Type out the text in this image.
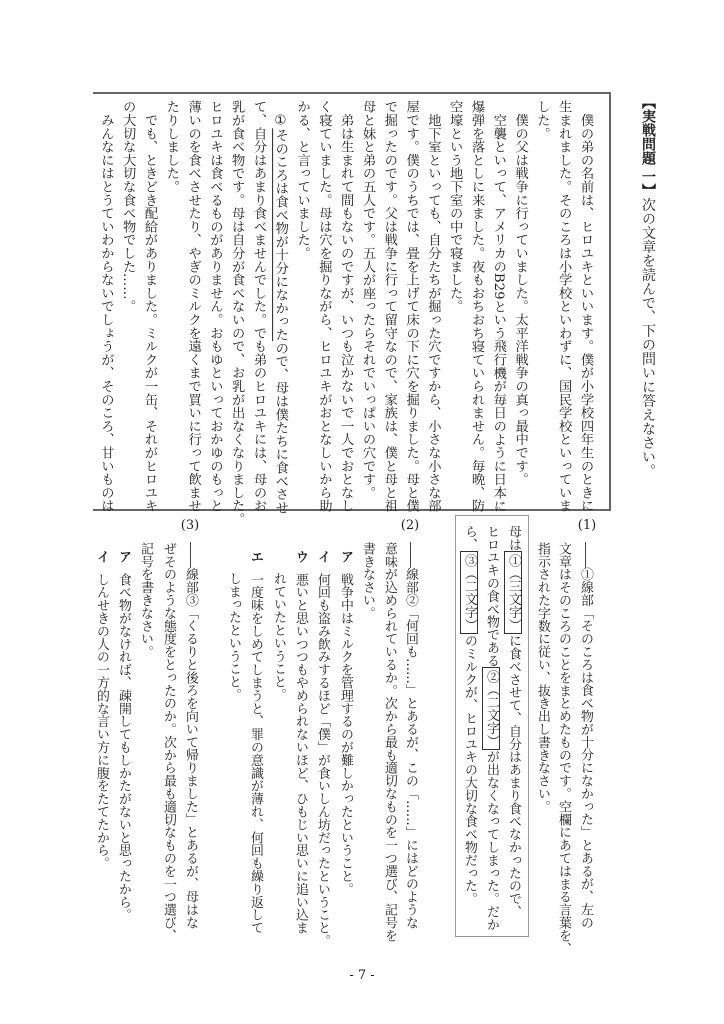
【実戦問題 一】次の文章を読んで、下の問いに答えなさい。
　僕の弟の名前は、ヒロユキといいます。僕が小学校四年生のときに
生まれました。そのころは小学校といわずに、国民学校といっていま
した。
　僕の父は戦争に行っていました。太平洋戦争の真っ最中です。
　空襲といって、アメリカのB29という飛行機が毎日のように日本に
爆弾を落としに来ました。夜もおちおち寝ていられません。毎晩、防
空壕という地下室の中で寝ました。
　地下室といっても、自分たちが掘った穴ですから、小さな小さな部
屋です。僕のうちでは、畳を上げて床の下に穴を掘りました。母と僕
で掘ったのです。父は戦争に行って留守なので、家族は、僕と母と祖
母と妹と弟の五人です。五人が座ったらそれでいっぱいの穴です。
　弟は生まれて間もないのですが、いつも泣かないで一人でおとなし
く寝ていました。母は穴を掘りながら、ヒロユキがおとなしいから助
かる、と言っていました。
　①そのころは食べ物が十分になかったので、母は僕たちに食べさせ
て、自分はあまり食べませんでした。でも弟のヒロユキには、母のお
乳が食べ物です。母は自分が食べないので、お乳が出なくなりました。
ヒロユキは食べるものがありません。おもゆといっておかゆのもっと
薄いのを食べさせたり、やぎのミルクを遠くまで買いに行って飲ませ
たりしました。
　でも、ときどき配給がありました。ミルクが一缶、それがヒロユキ
の大切な大切な食べ物でした……。
　みんなにはとうていわからないでしょうが、そのころ、甘いものは
(1)
(2)
(3)
――①線部「そのころは食べ物が十分になかった」とあるが、左の
文章はそのころのことをまとめたものです。空欄にあてはまる言葉を、
指示された字数に従い、抜き出し書きなさい。
母は①（三文字）に食べさせて、自分はあまり食べなかったので、
ヒロユキの食べ物である②（二文字）が出なくなってしまった。だか
ら、③（二文字）のミルクが、ヒロユキの大切な食べ物だった。
――線部②「何回も……」とあるが、この「……」にはどのような
意味が込められているか。次から最も適切なものを一つ選び、記号を
書きなさい。
――線部③「くるりと後ろを向いて帰りました」とあるが、母はな
ぜそのような態度をとったのか。次から最も適切なものを一つ選び、
記号を書きなさい。	ア戦争中はミルクを管理するのが難しかったということ。
イ何回も盗み飲みするほど「僕」が食いしん坊だったということ。
ウ悪いと思いつつもやめられないほど、ひもじい思いに追い込ま
れていたということ。
エ一度味をしめてしまうと、罪の意識が薄れ、何回も繰り返して
しまったということ。
ア食べ物がなければ、疎開してもしかたがないと思ったから。
イしんせきの人の一方的な言い方に腹をたてたから。
- 7 -
